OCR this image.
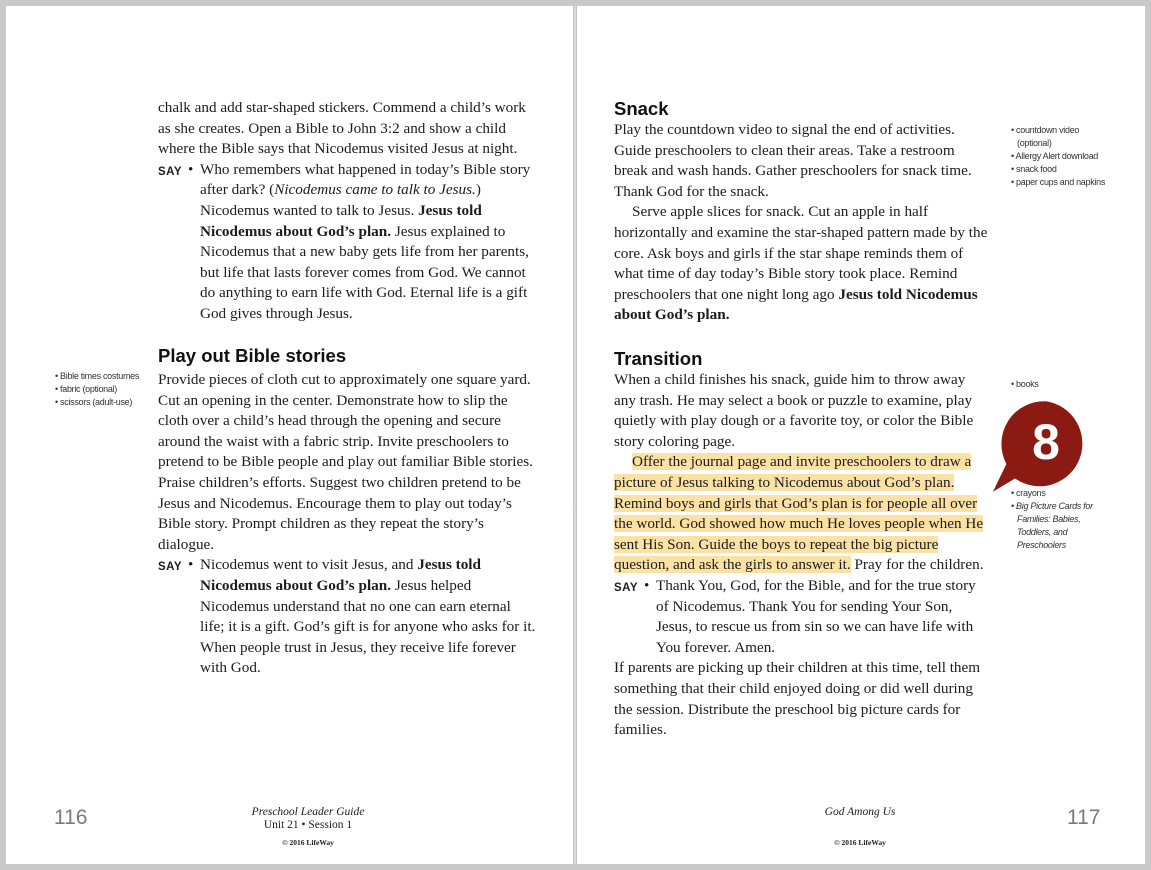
chalk and add star-shaped stickers. Commend a child’s work as she creates. Open a Bible to John 3:2 and show a child where the Bible says that Nicodemus visited Jesus at night.

SAY • Who remembers what happened in today’s Bible story after dark? (Nicodemus came to talk to Jesus.) Nicodemus wanted to talk to Jesus. Jesus told Nicodemus about God’s plan. Jesus explained to Nicodemus that a new baby gets life from her parents, but life that lasts forever comes from God. We cannot do anything to earn life with God. Eternal life is a gift God gives through Jesus.
Play out Bible stories
• Bible times costumes
• fabric (optional)
• scissors (adult-use)

Provide pieces of cloth cut to approximately one square yard. Cut an opening in the center. Demonstrate how to slip the cloth over a child’s head through the opening and secure around the waist with a fabric strip. Invite preschoolers to pretend to be Bible people and play out familiar Bible stories. Praise children’s efforts. Suggest two children pretend to be Jesus and Nicodemus. Encourage them to play out today’s Bible story. Prompt children as they repeat the story’s dialogue.

SAY • Nicodemus went to visit Jesus, and Jesus told Nicodemus about God’s plan. Jesus helped Nicodemus understand that no one can earn eternal life; it is a gift. God’s gift is for anyone who asks for it. When people trust in Jesus, they receive life forever with God.
116	Preschool Leader Guide
Unit 21 • Session 1
© 2016 LifeWay
Snack

Play the countdown video to signal the end of activities. Guide preschoolers to clean their areas. Take a restroom break and wash hands. Gather preschoolers for snack time. Thank God for the snack.

Serve apple slices for snack. Cut an apple in half horizontally and examine the star-shaped pattern made by the core. Ask boys and girls if the star shape reminds them of what time of day today’s Bible story took place. Remind preschoolers that one night long ago Jesus told Nicodemus about God’s plan.

• countdown video
(optional)
• Allergy Alert download
• snack food
• paper cups and napkins
Transition

When a child finishes his snack, guide him to throw away any trash. He may select a book or puzzle to examine, play quietly with play dough or a favorite toy, or color the Bible story coloring page.

Offer the journal page and invite preschoolers to draw a picture of Jesus talking to Nicodemus about God’s plan. Remind boys and girls that God’s plan is for people all over the world. God showed how much He loves people when He sent His Son. Guide the boys to repeat the big picture question, and ask the girls to answer it. Pray for the children.

SAY • Thank You, God, for the Bible, and for the true story of Nicodemus. Thank You for sending Your Son, Jesus, to rescue us from sin so we can have life with You forever. Amen.

If parents are picking up their children at this time, tell them something that their child enjoyed doing or did well during the session. Distribute the preschool big picture cards for families.

• books
• crayons
• Big Picture Cards for
Families: Babies,
Toddlers, and
Preschoolers
8
God Among Us
© 2016 LifeWay
117
